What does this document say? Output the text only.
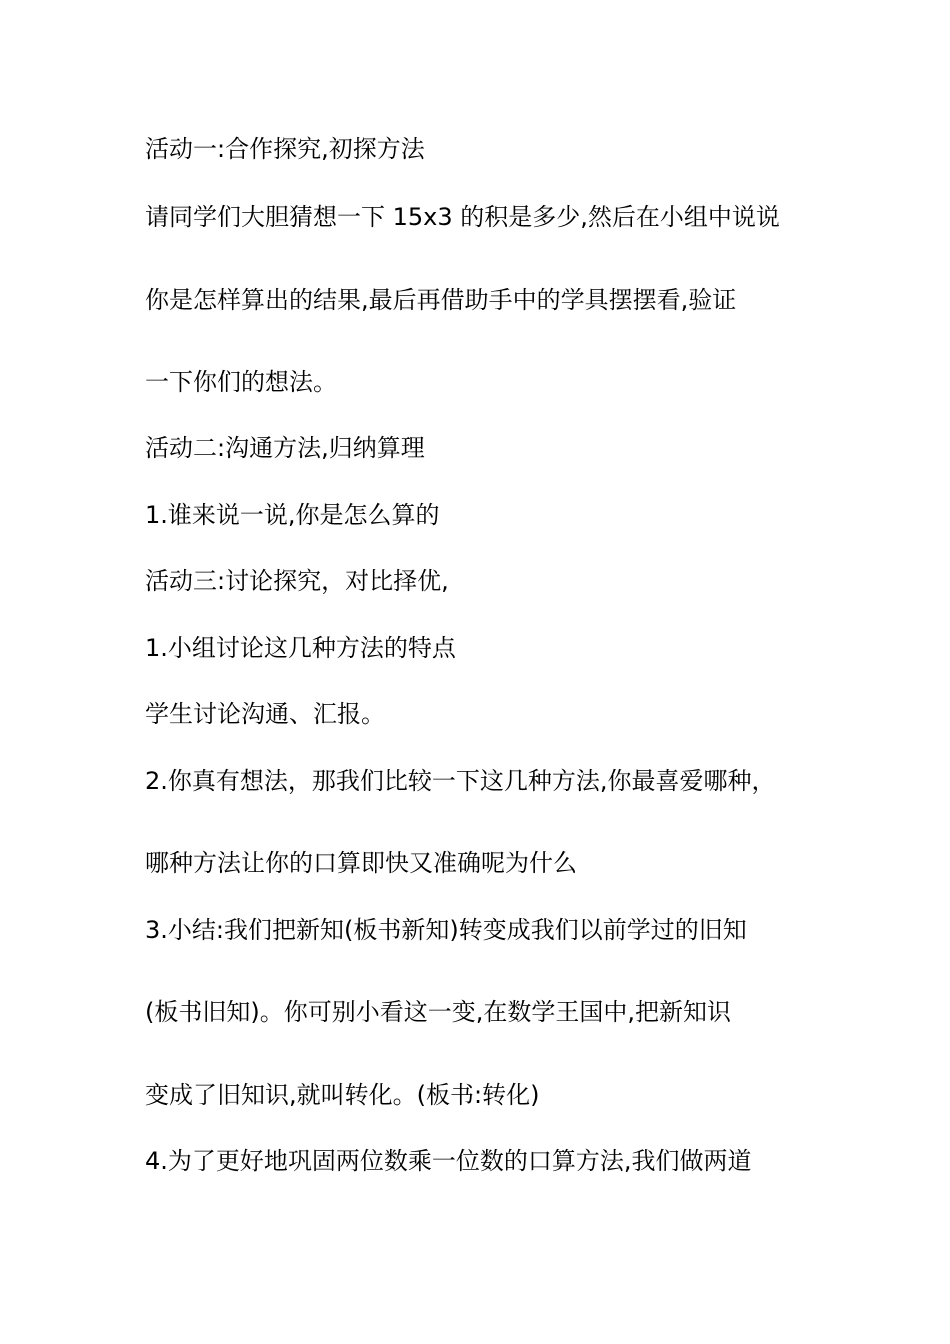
活动一:合作探究,初探方法

请同学们大胆猜想一下 15x3 的积是多少,然后在小组中说说

你是怎样算出的结果,最后再借助手中的学具摆摆看,验证

一下你们的想法。

活动二:沟通方法,归纳算理

1.谁来说一说,你是怎么算的

活动三:讨论探究，对比择优,

1.小组讨论这几种方法的特点

学生讨论沟通、汇报。

2.你真有想法，那我们比较一下这几种方法,你最喜爱哪种，

哪种方法让你的口算即快又准确呢为什么

3.小结:我们把新知(板书新知)转变成我们以前学过的旧知

(板书旧知)。你可别小看这一变,在数学王国中,把新知识

变成了旧知识,就叫转化。(板书:转化)

4.为了更好地巩固两位数乘一位数的口算方法,我们做两道
